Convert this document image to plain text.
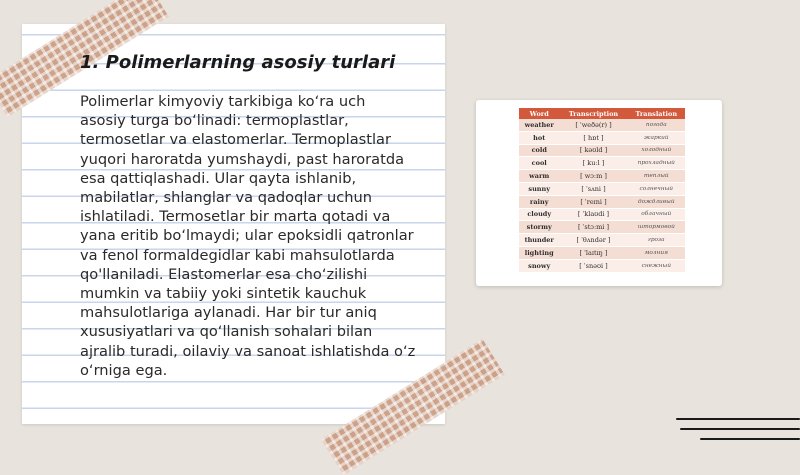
1. Polimerlarning asosiy turlari
Polimerlar kimyoviy tarkibiga ko‘ra uch
asosiy turga bo‘linadi: termoplastlar,
termosetlar va elastomerlar. Termoplastlar
yuqori haroratda yumshaydi, past haroratda
esa qattiqlashadi. Ular qayta ishlanib,
mabilatlar, shlanglar va qadoqlar uchun
ishlatiladi. Termosetlar bir marta qotadi va
yana eritib bo‘lmaydi; ular epoksidli qatronlar
va fenol formaldegidlar kabi mahsulotlarda
qo'llaniladi. Elastomerlar esa cho‘zilishi
mumkin va tabiiy yoki sintetik kauchuk
mahsulotlariga aylanadi. Har bir tur aniq
xususiyatlari va qo‘llanish sohalari bilan
ajralib turadi, oilaviy va sanoat ishlatishda o‘z
o‘rniga ega.
Word	Transcription	Translation
weather	[ ˈweðə(r) ]	погода
hot	[ hɒt ]	жаркий
cold	[ kəʊld ]	холодный
cool	[ kuːl ]	прохладный
warm	[ wɔːm ]	теплый
sunny	[ ˈsʌni ]	солнечный
rainy	[ ˈreɪni ]	дождливый
cloudy	[ ˈklaʊdi ]	облачный
stormy	[ ˈstɔːmi ]	штормовой
thunder	[ ˈθʌndər ]	гроза
lighting	[ ˈlaɪtɪŋ ]	молния
snowy	[ ˈsnəʊi ]	снежный
